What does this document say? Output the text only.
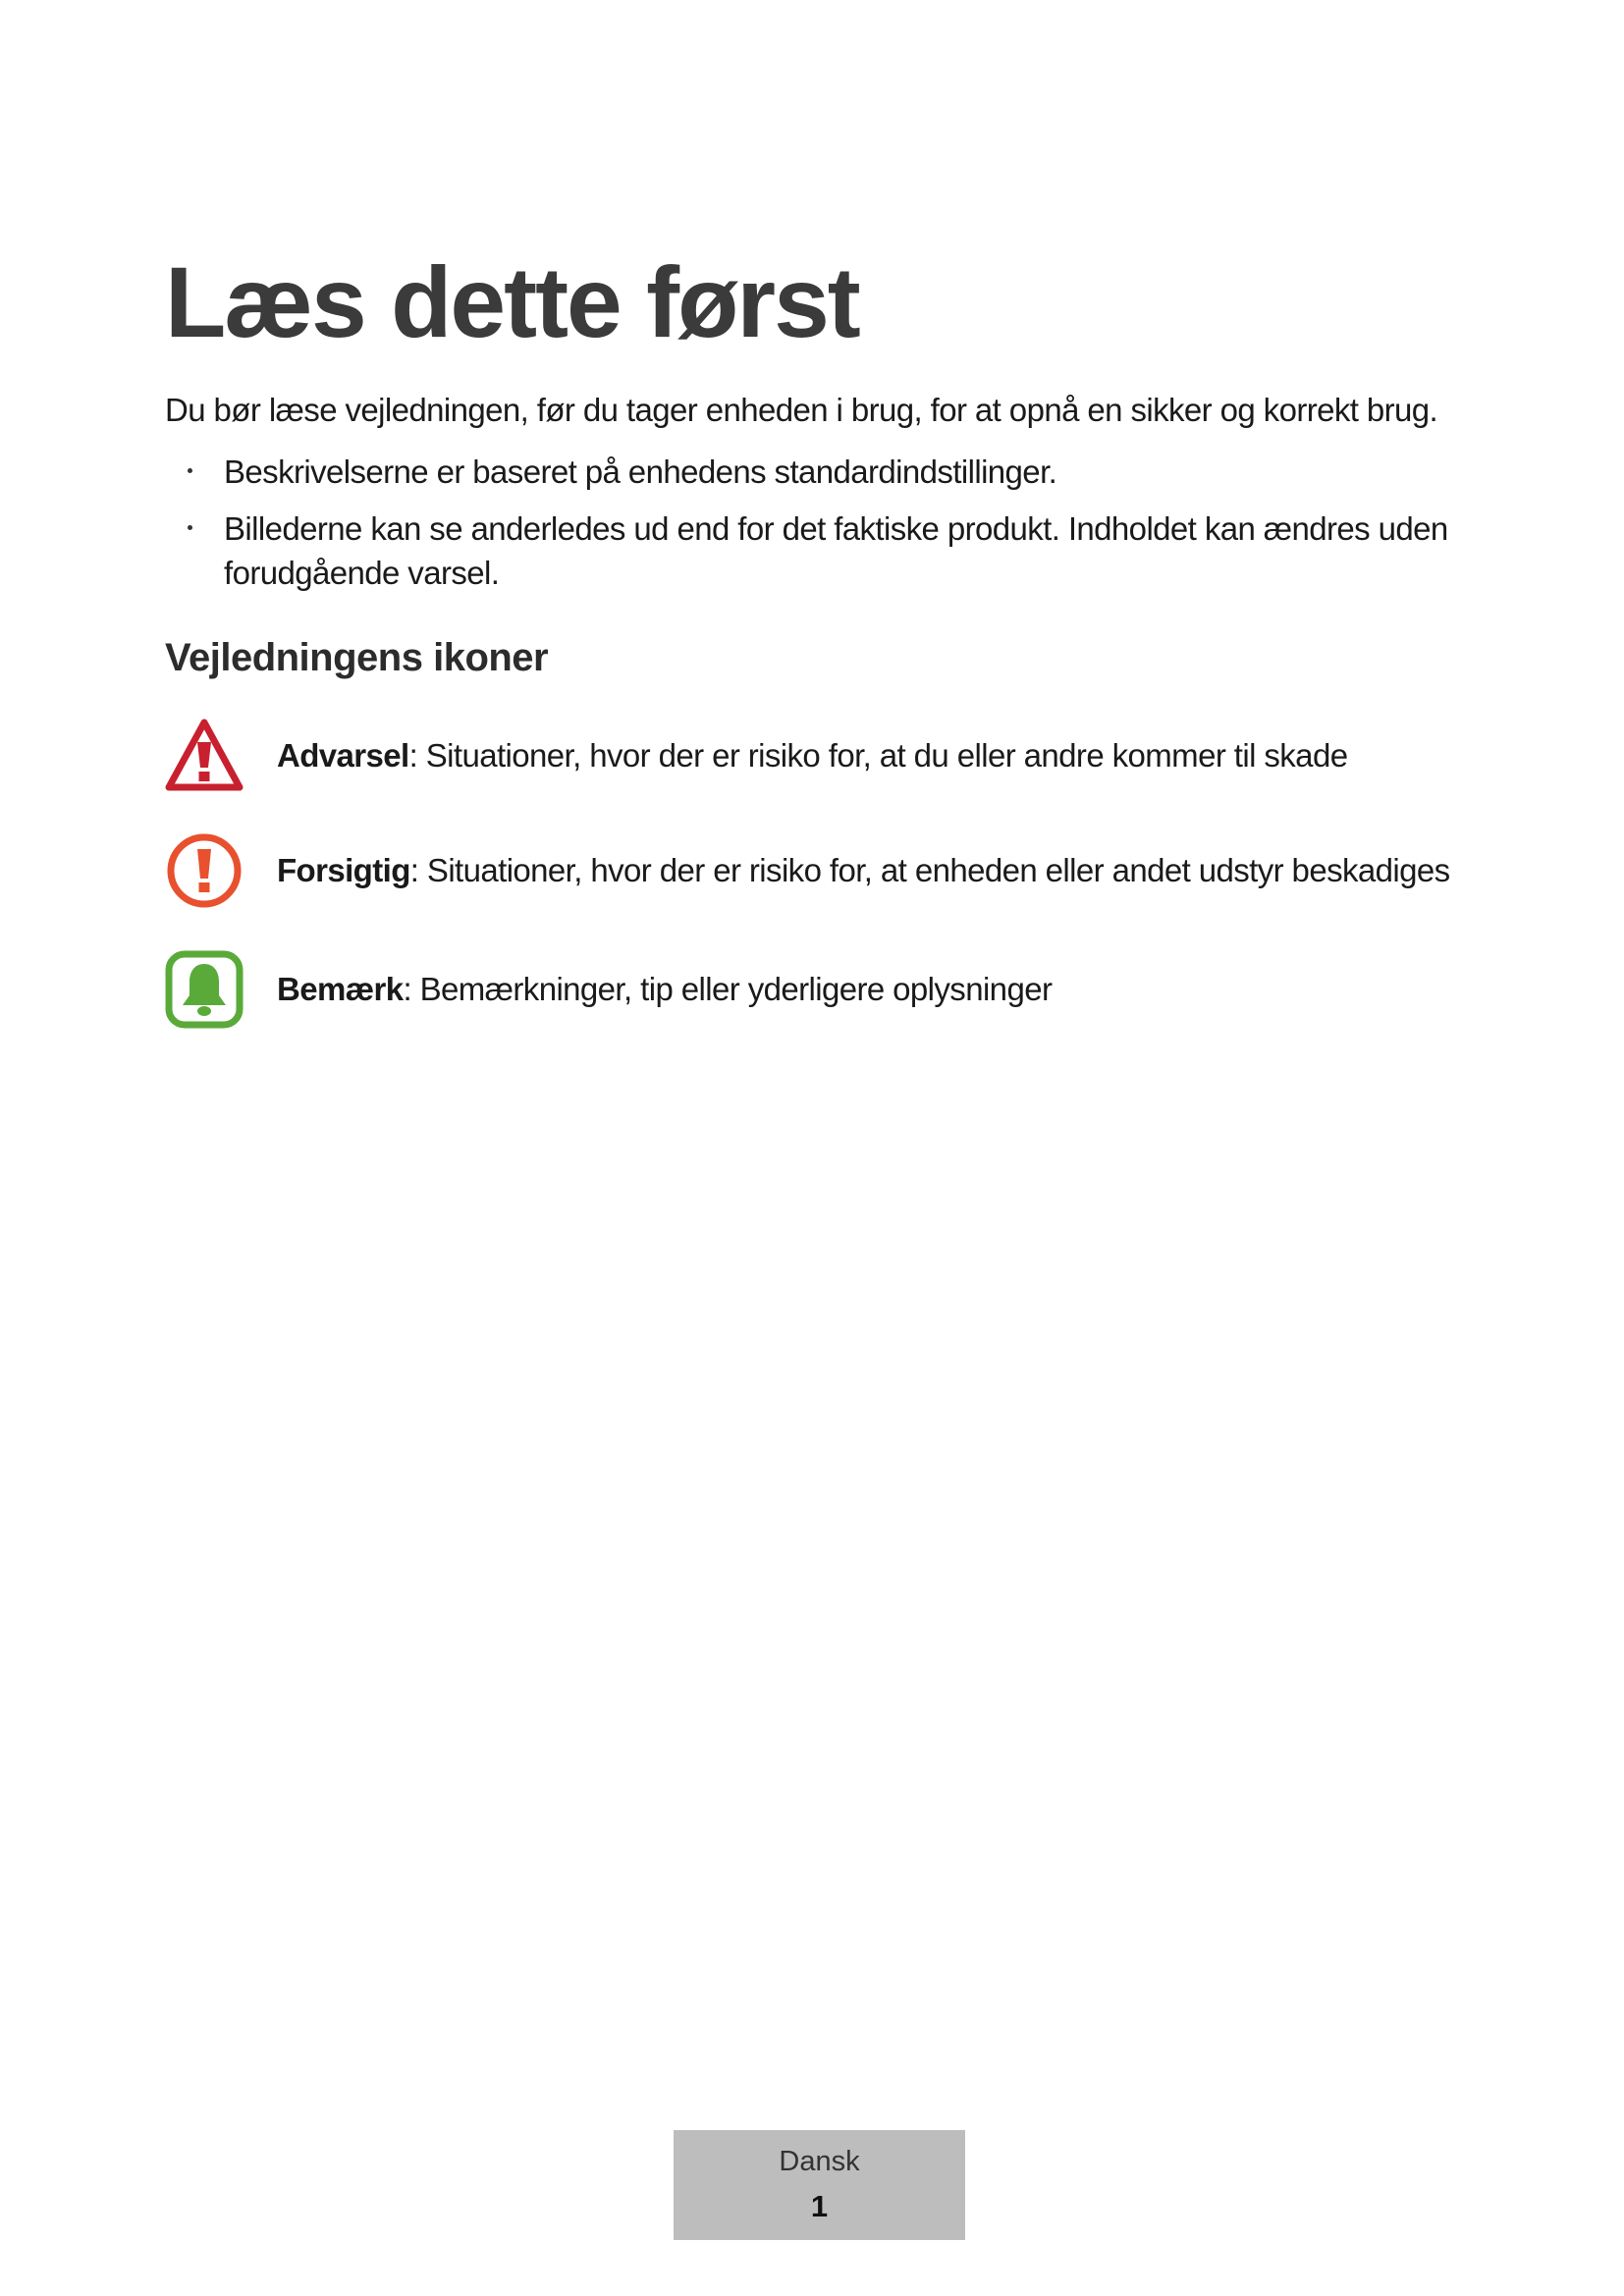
Læs dette først

Du bør læse vejledningen, før du tager enheden i brug, for at opnå en sikker og korrekt brug.

Beskrivelserne er baseret på enhedens standardindstillinger.
Billederne kan se anderledes ud end for det faktiske produkt. Indholdet kan ændres uden forudgående varsel.
Vejledningens ikoner
Advarsel: Situationer, hvor der er risiko for, at du eller andre kommer til skade
Forsigtig: Situationer, hvor der er risiko for, at enheden eller andet udstyr beskadiges
Bemærk: Bemærkninger, tip eller yderligere oplysninger
Dansk
1
